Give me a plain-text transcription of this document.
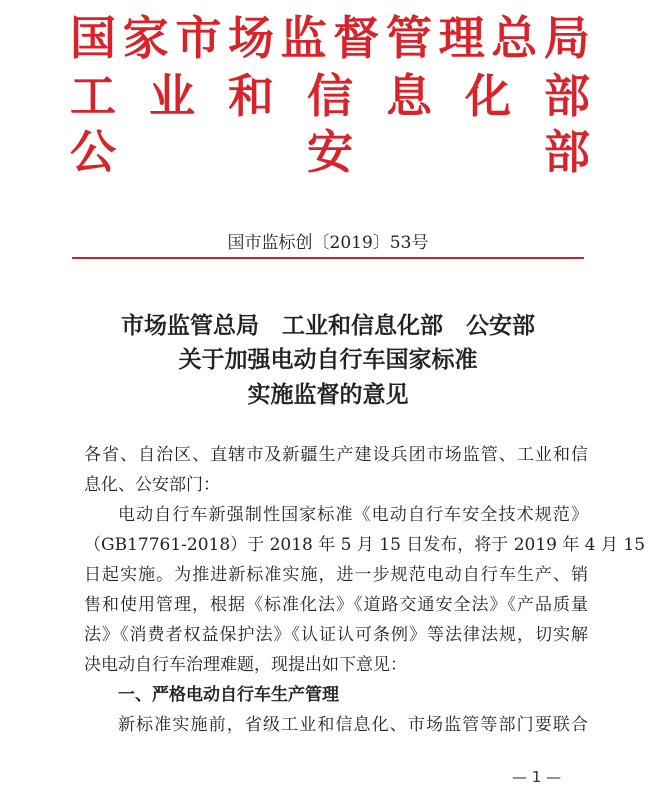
国 家 市 场 监 督 管 理 总 局
工 业 和 信 息 化 部
公	安	部
国市监标创〔2019〕53号
市场监管总局　工业和信息化部　公安部
关于加强电动自行车国家标准
实施监督的意见
各省、自治区、直辖市及新疆生产建设兵团市场监管、工业和信
息化、公安部门：
电动自行车新强制性国家标准《电动自行车安全技术规范》
（GB17761-2018）于 2018 年 5 月 15 日发布，将于 2019 年 4 月 15
日起实施。为推进新标准实施，进一步规范电动自行车生产、销
售和使用管理，根据《标准化法》《道路交通安全法》《产品质量
法》《消费者权益保护法》《认证认可条例》等法律法规，切实解
决电动自行车治理难题，现提出如下意见：
一、严格电动自行车生产管理
新标准实施前，省级工业和信息化、市场监管等部门要联合
— 1 —
